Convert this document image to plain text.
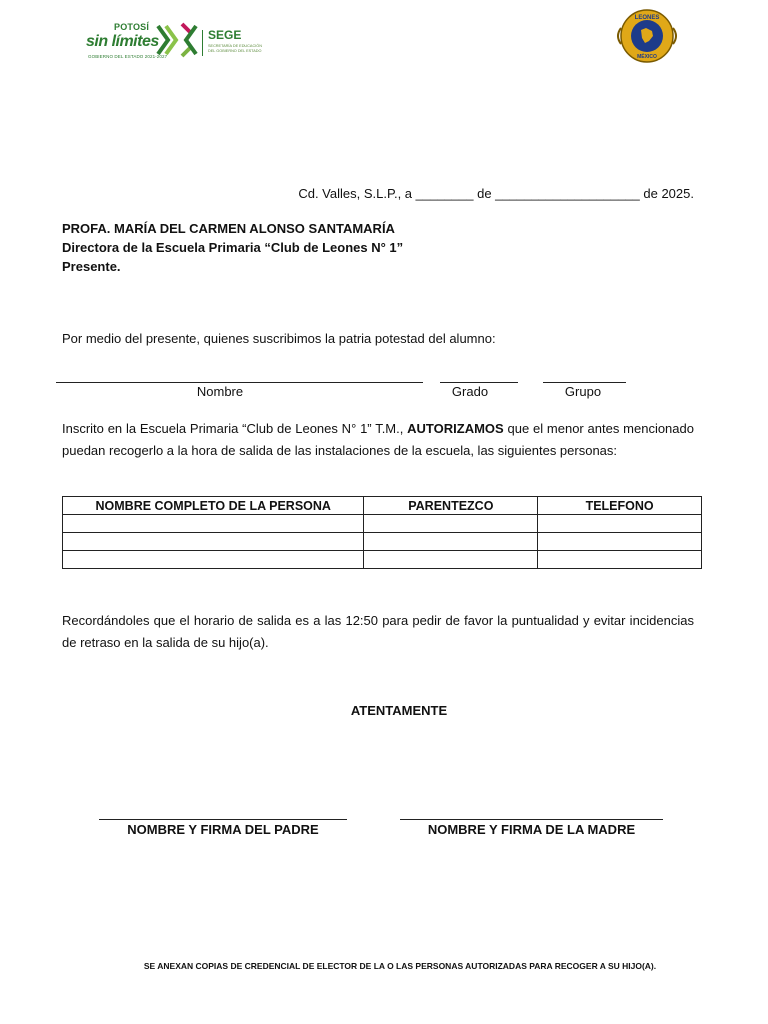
POTOSÍ
sin límites
GOBIERNO DEL ESTADO 2021-2027
SEGE
SECRETARÍA DE EDUCACIÓN DEL GOBIERNO DEL ESTADO
LEONES
MÉXICO
Cd. Valles, S.L.P., a ________ de ____________________ de 2025.
PROFA. MARÍA DEL CARMEN ALONSO SANTAMARÍA
Directora de la Escuela Primaria “Club de Leones N° 1”
Presente.
Por medio del presente, quienes suscribimos la patria potestad del alumno:
Nombre	Grado	Grupo
Inscrito en la Escuela Primaria “Club de Leones N° 1” T.M., AUTORIZAMOS que el menor antes mencionado puedan recogerlo a la hora de salida de las instalaciones de la escuela, las siguientes personas:
NOMBRE COMPLETO DE LA PERSONA	PARENTEZCO	TELEFONO

Recordándoles que el horario de salida es a las 12:50 para pedir de favor la puntualidad y evitar incidencias de retraso en la salida de su hijo(a).
ATENTAMENTE
NOMBRE Y FIRMA DEL PADRE	NOMBRE Y FIRMA DE LA MADRE
SE ANEXAN COPIAS DE CREDENCIAL DE ELECTOR DE LA O LAS PERSONAS AUTORIZADAS PARA RECOGER A SU HIJO(A).
